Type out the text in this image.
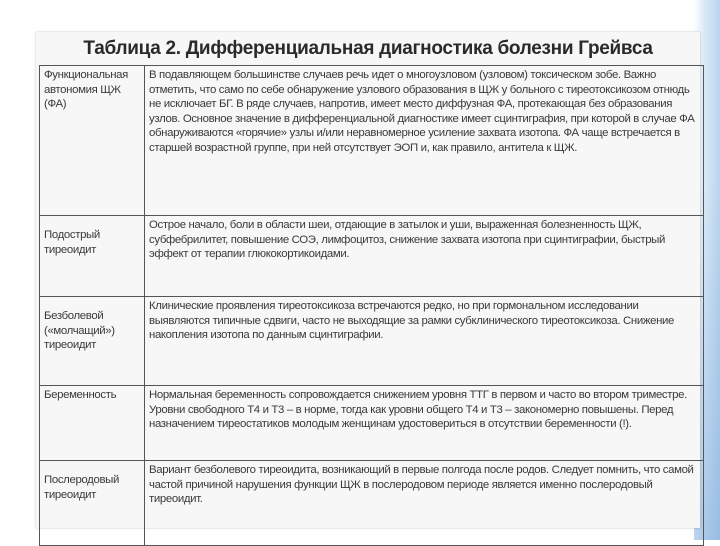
Таблица 2. Дифференциальная диагностика болезни Грейвса
Функциональная автономия ЩЖ (ФА)	В подавляющем большинстве случаев речь идет о многоузловом (узловом) токсическом зобе. Важно отметить, что само по себе обнаружение узлового образования в ЩЖ у больного с тиреотоксикозом отнюдь не исключает БГ. В ряде случаев, напротив, имеет место диффузная ФА, протекающая без образования узлов. Основное значение в дифференциальной диагностике имеет сцинтиграфия, при которой в случае ФА обнаруживаются «горячие» узлы и/или неравномерное усиление захвата изотопа. ФА чаще встречается в старшей возрастной группе, при ней отсутствует ЭОП и, как правило, антитела к ЩЖ.
Подострый тиреоидит	Острое начало, боли в области шеи, отдающие в затылок и уши, выраженная болезненность ЩЖ, субфебрилитет, повышение СОЭ, лимфоцитоз, снижение захвата изотопа при сцинтиграфии, быстрый эффект от терапии глюкокортикоидами.
Безболевой («молчащий») тиреоидит	Клинические проявления тиреотоксикоза встречаются редко, но при гормональном исследовании выявляются типичные сдвиги, часто не выходящие за рамки субклинического тиреотоксикоза. Снижение накопления изотопа по данным сцинтиграфии.
Беременность	Нормальная беременность сопровождается снижением уровня ТТГ в первом и часто во втором триместре. Уровни свободного T4 и T3 – в норме, тогда как уровни общего T4 и T3 – закономерно повышены. Перед назначением тиреостатиков молодым женщинам удостовериться в отсутствии беременности (!).
Послеродовый тиреоидит	Вариант безболевого тиреоидита, возникающий в первые полгода после родов. Следует помнить, что самой частой причиной нарушения функции ЩЖ в послеродовом периоде является именно послеродовый тиреоидит.
